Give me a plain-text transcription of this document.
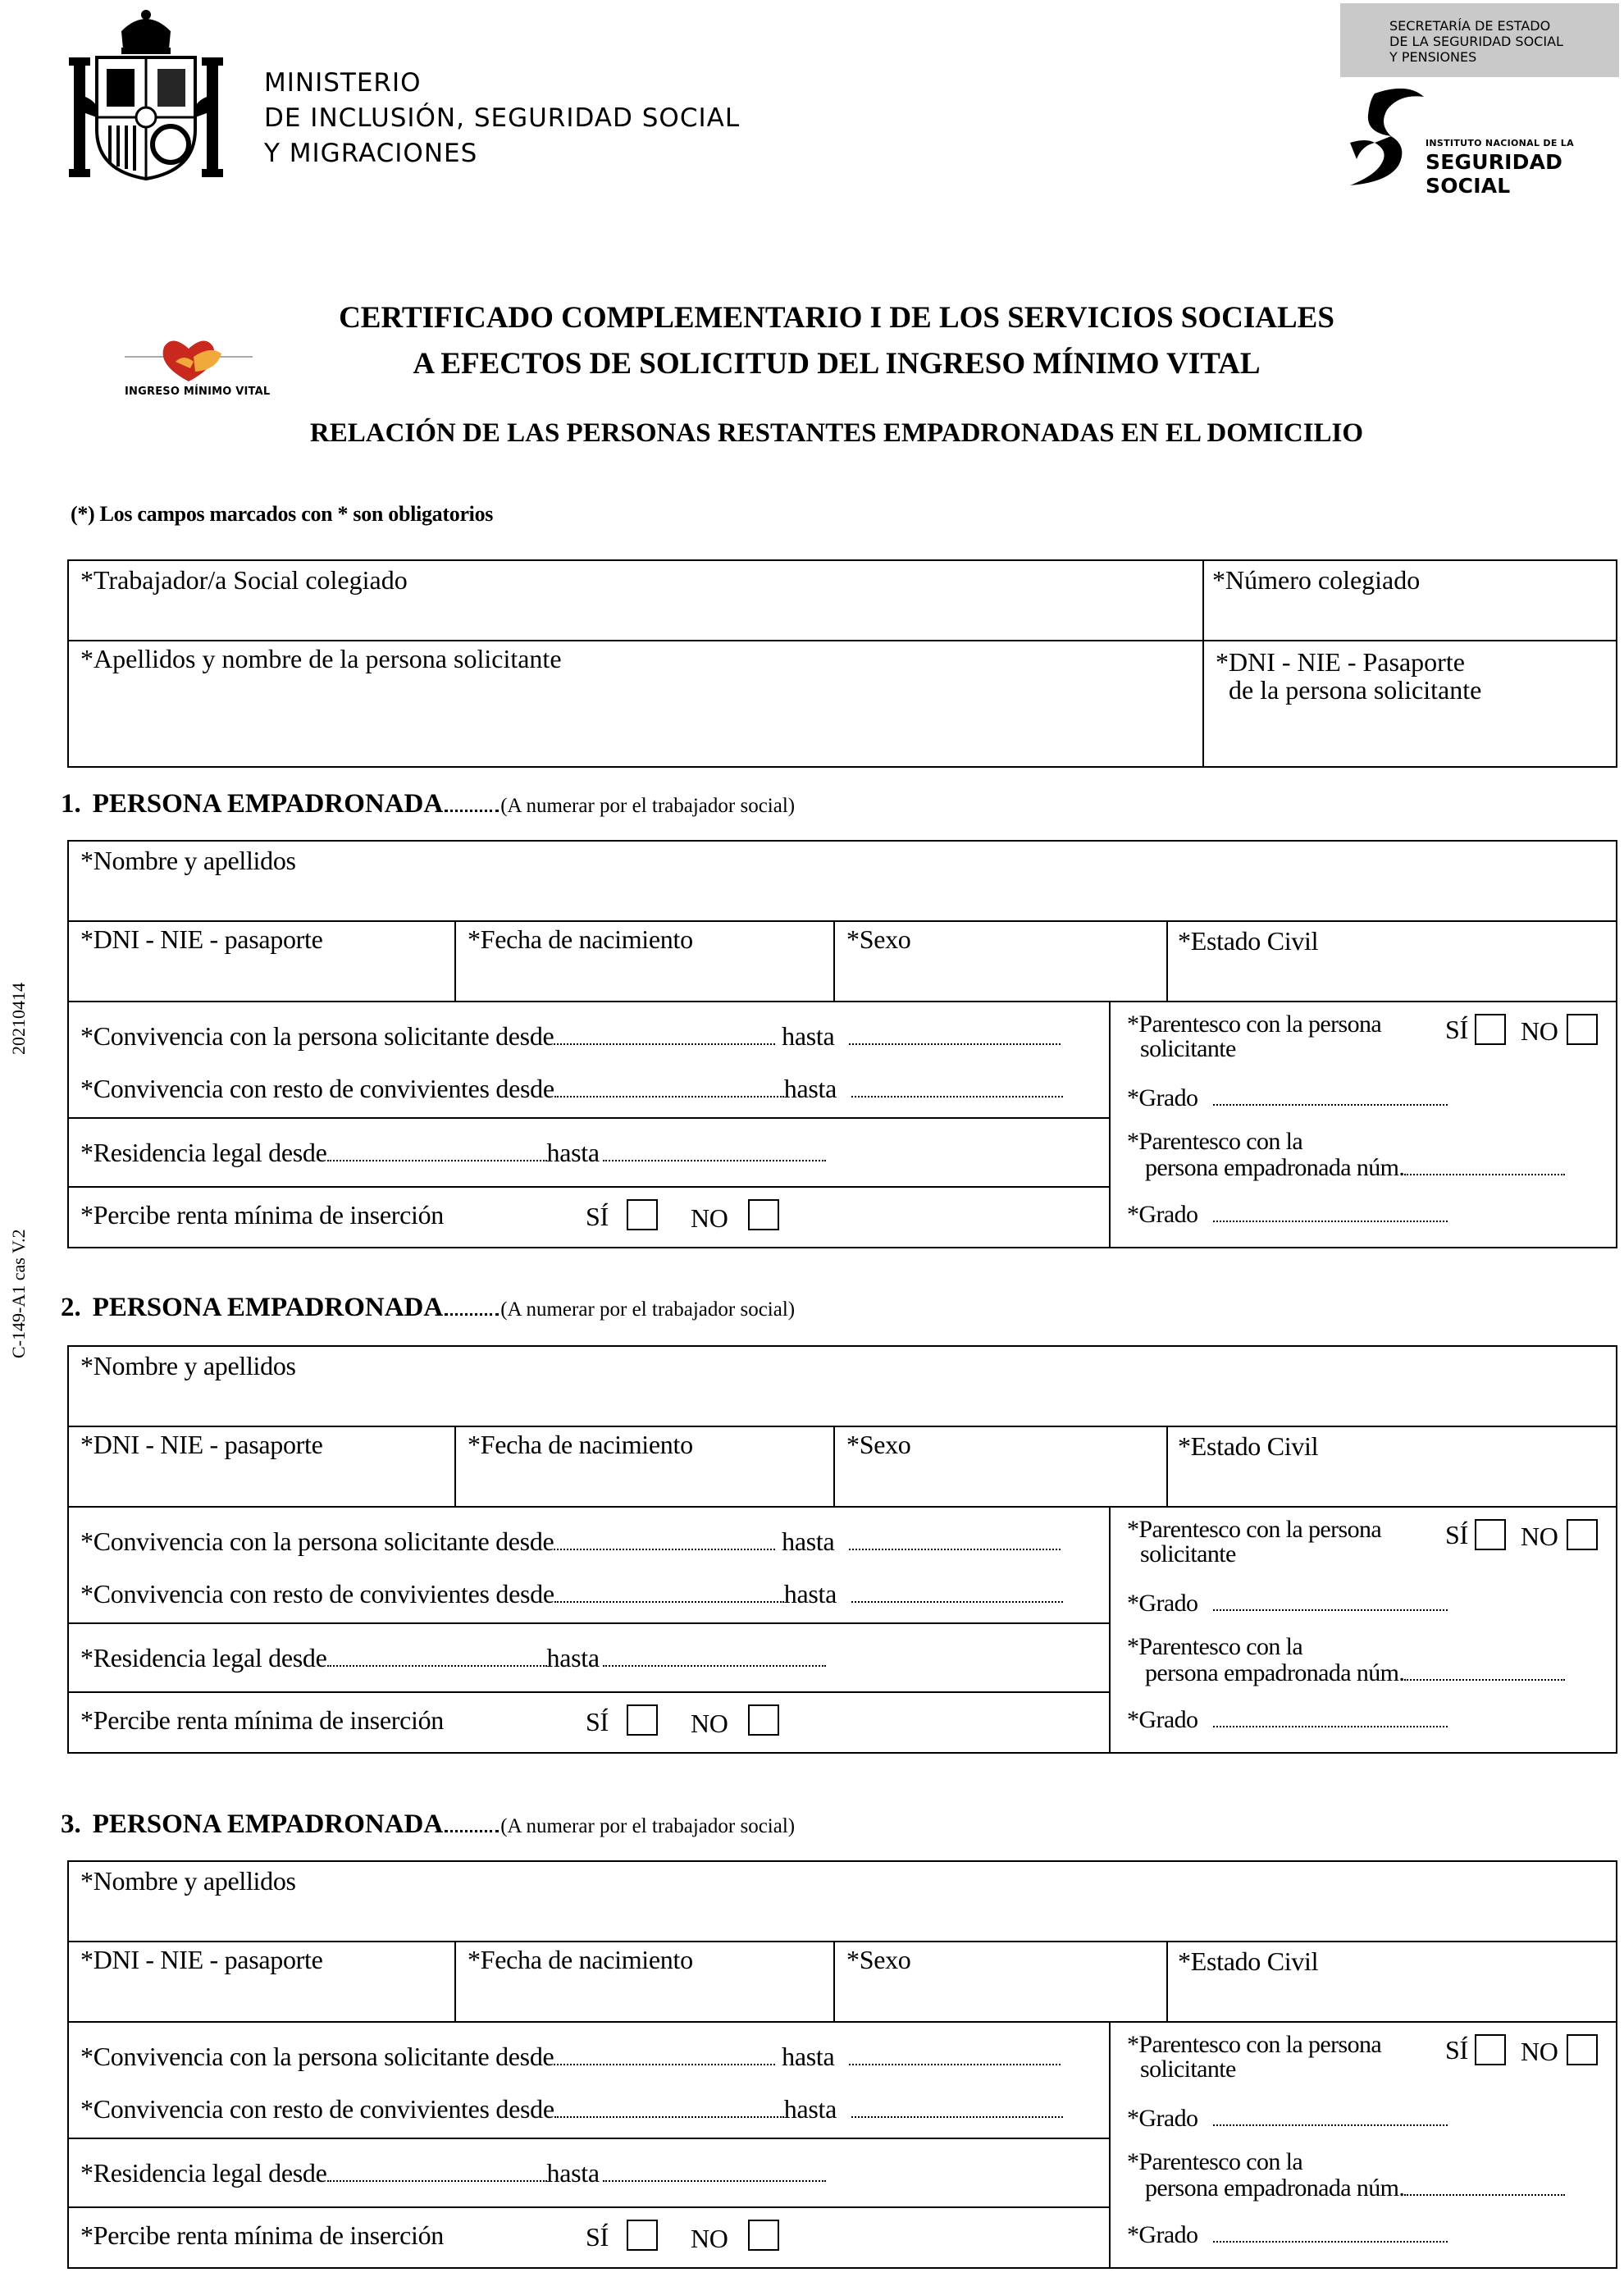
MINISTERIO
DE INCLUSIÓN, SEGURIDAD SOCIAL
Y MIGRACIONES
SECRETARÍA DE ESTADO
DE LA SEGURIDAD SOCIAL
Y PENSIONES
INSTITUTO NACIONAL DE LA
SEGURIDAD SOCIAL
INGRESO MÍNIMO VITAL
CERTIFICADO COMPLEMENTARIO I DE LOS SERVICIOS SOCIALES
A EFECTOS DE SOLICITUD DEL INGRESO MÍNIMO VITAL
RELACIÓN DE LAS PERSONAS RESTANTES EMPADRONADAS EN EL DOMICILIO
(*) Los campos marcados con * son obligatorios
20210414
C-149-A1 cas V.2
*Trabajador/a Social colegiado	*Número colegiado
*Apellidos y nombre de la persona solicitante	*DNI - NIE - Pasaporte
de la persona solicitante
1. PERSONA EMPADRONADA	(A numerar por el trabajador social)
*Nombre y apellidos
*DNI - NIE - pasaporte	*Fecha de nacimiento	*Sexo	*Estado Civil
*Convivencia con la persona solicitante desde	hasta
*Convivencia con resto de convivientes desde	hasta
*Residencia legal desde	hasta
*Percibe renta mínima de inserción	SÍ	NO
*Parentesco con la persona
solicitante
SÍ NO
*Grado
*Parentesco con la
persona empadronada núm.
*Grado
2. PERSONA EMPADRONADA	(A numerar por el trabajador social)
*Nombre y apellidos
*DNI - NIE - pasaporte	*Fecha de nacimiento	*Sexo	*Estado Civil
*Convivencia con la persona solicitante desde	hasta
*Convivencia con resto de convivientes desde	hasta
*Residencia legal desde	hasta
*Percibe renta mínima de inserción	SÍ	NO
*Parentesco con la persona
solicitante
SÍ NO
*Grado
*Parentesco con la
persona empadronada núm.
*Grado
3. PERSONA EMPADRONADA	(A numerar por el trabajador social)
*Nombre y apellidos
*DNI - NIE - pasaporte	*Fecha de nacimiento	*Sexo	*Estado Civil
*Convivencia con la persona solicitante desde	hasta
*Convivencia con resto de convivientes desde	hasta
*Residencia legal desde	hasta
*Percibe renta mínima de inserción	SÍ	NO
*Parentesco con la persona
solicitante
SÍ NO
*Grado
*Parentesco con la
persona empadronada núm.
*Grado
